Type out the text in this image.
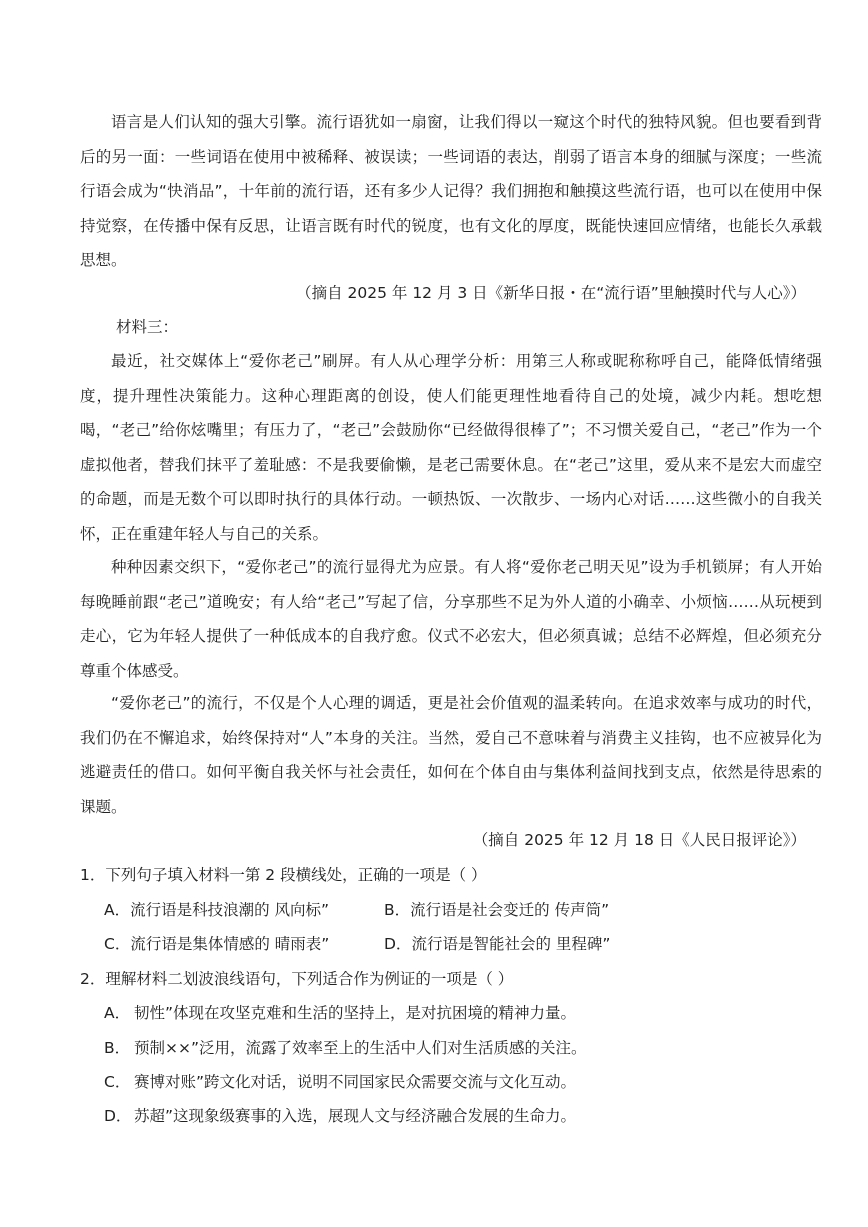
语言是人们认知的强大引擎。流行语犹如一扇窗，让我们得以一窥这个时代的独特风貌。但也要看到背后的另一面：一些词语在使用中被稀释、被误读；一些词语的表达，削弱了语言本身的细腻与深度；一些流行语会成为“快消品”，十年前的流行语，还有多少人记得？我们拥抱和触摸这些流行语，也可以在使用中保持觉察，在传播中保有反思，让语言既有时代的锐度，也有文化的厚度，既能快速回应情绪，也能长久承载思想。

（摘自 2025 年 12 月 3 日《新华日报・在“流行语”里触摸时代与人心》）

材料三：

最近，社交媒体上“爱你老己”刷屏。有人从心理学分析：用第三人称或昵称称呼自己，能降低情绪强度，提升理性决策能力。这种心理距离的创设，使人们能更理性地看待自己的处境，减少内耗。想吃想喝，“老己”给你炫嘴里；有压力了，“老己”会鼓励你“已经做得很棒了”；不习惯关爱自己，“老己”作为一个虚拟他者，替我们抹平了羞耻感：不是我要偷懒，是老己需要休息。在“老己”这里，爱从来不是宏大而虚空的命题，而是无数个可以即时执行的具体行动。一顿热饭、一次散步、一场内心对话……这些微小的自我关怀，正在重建年轻人与自己的关系。

种种因素交织下，“爱你老己”的流行显得尤为应景。有人将“爱你老己明天见”设为手机锁屏；有人开始每晚睡前跟“老己”道晚安；有人给“老己”写起了信，分享那些不足为外人道的小确幸、小烦恼……从玩梗到走心，它为年轻人提供了一种低成本的自我疗愈。仪式不必宏大，但必须真诚；总结不必辉煌，但必须充分尊重个体感受。

“爱你老己”的流行，不仅是个人心理的调适，更是社会价值观的温柔转向。在追求效率与成功的时代，我们仍在不懈追求，始终保持对“人”本身的关注。当然，爱自己不意味着与消费主义挂钩，也不应被异化为逃避责任的借口。如何平衡自我关怀与社会责任，如何在个体自由与集体利益间找到支点，依然是待思索的课题。

（摘自 2025 年 12 月 18 日《人民日报评论》）

1．下列句子填入材料一第 2 段横线处，正确的一项是（ ）

A．流行语是科技浪潮的 风向标”	B．流行语是社会变迁的 传声筒”

C．流行语是集体情感的 晴雨表”	D．流行语是智能社会的 里程碑”

2．理解材料二划波浪线语句，下列适合作为例证的一项是（ ）

A． 韧性”体现在攻坚克难和生活的坚持上，是对抗困境的精神力量。

B． 预制××”泛用，流露了效率至上的生活中人们对生活质感的关注。

C． 赛博对账”跨文化对话，说明不同国家民众需要交流与文化互动。

D． 苏超”这现象级赛事的入选，展现人文与经济融合发展的生命力。
